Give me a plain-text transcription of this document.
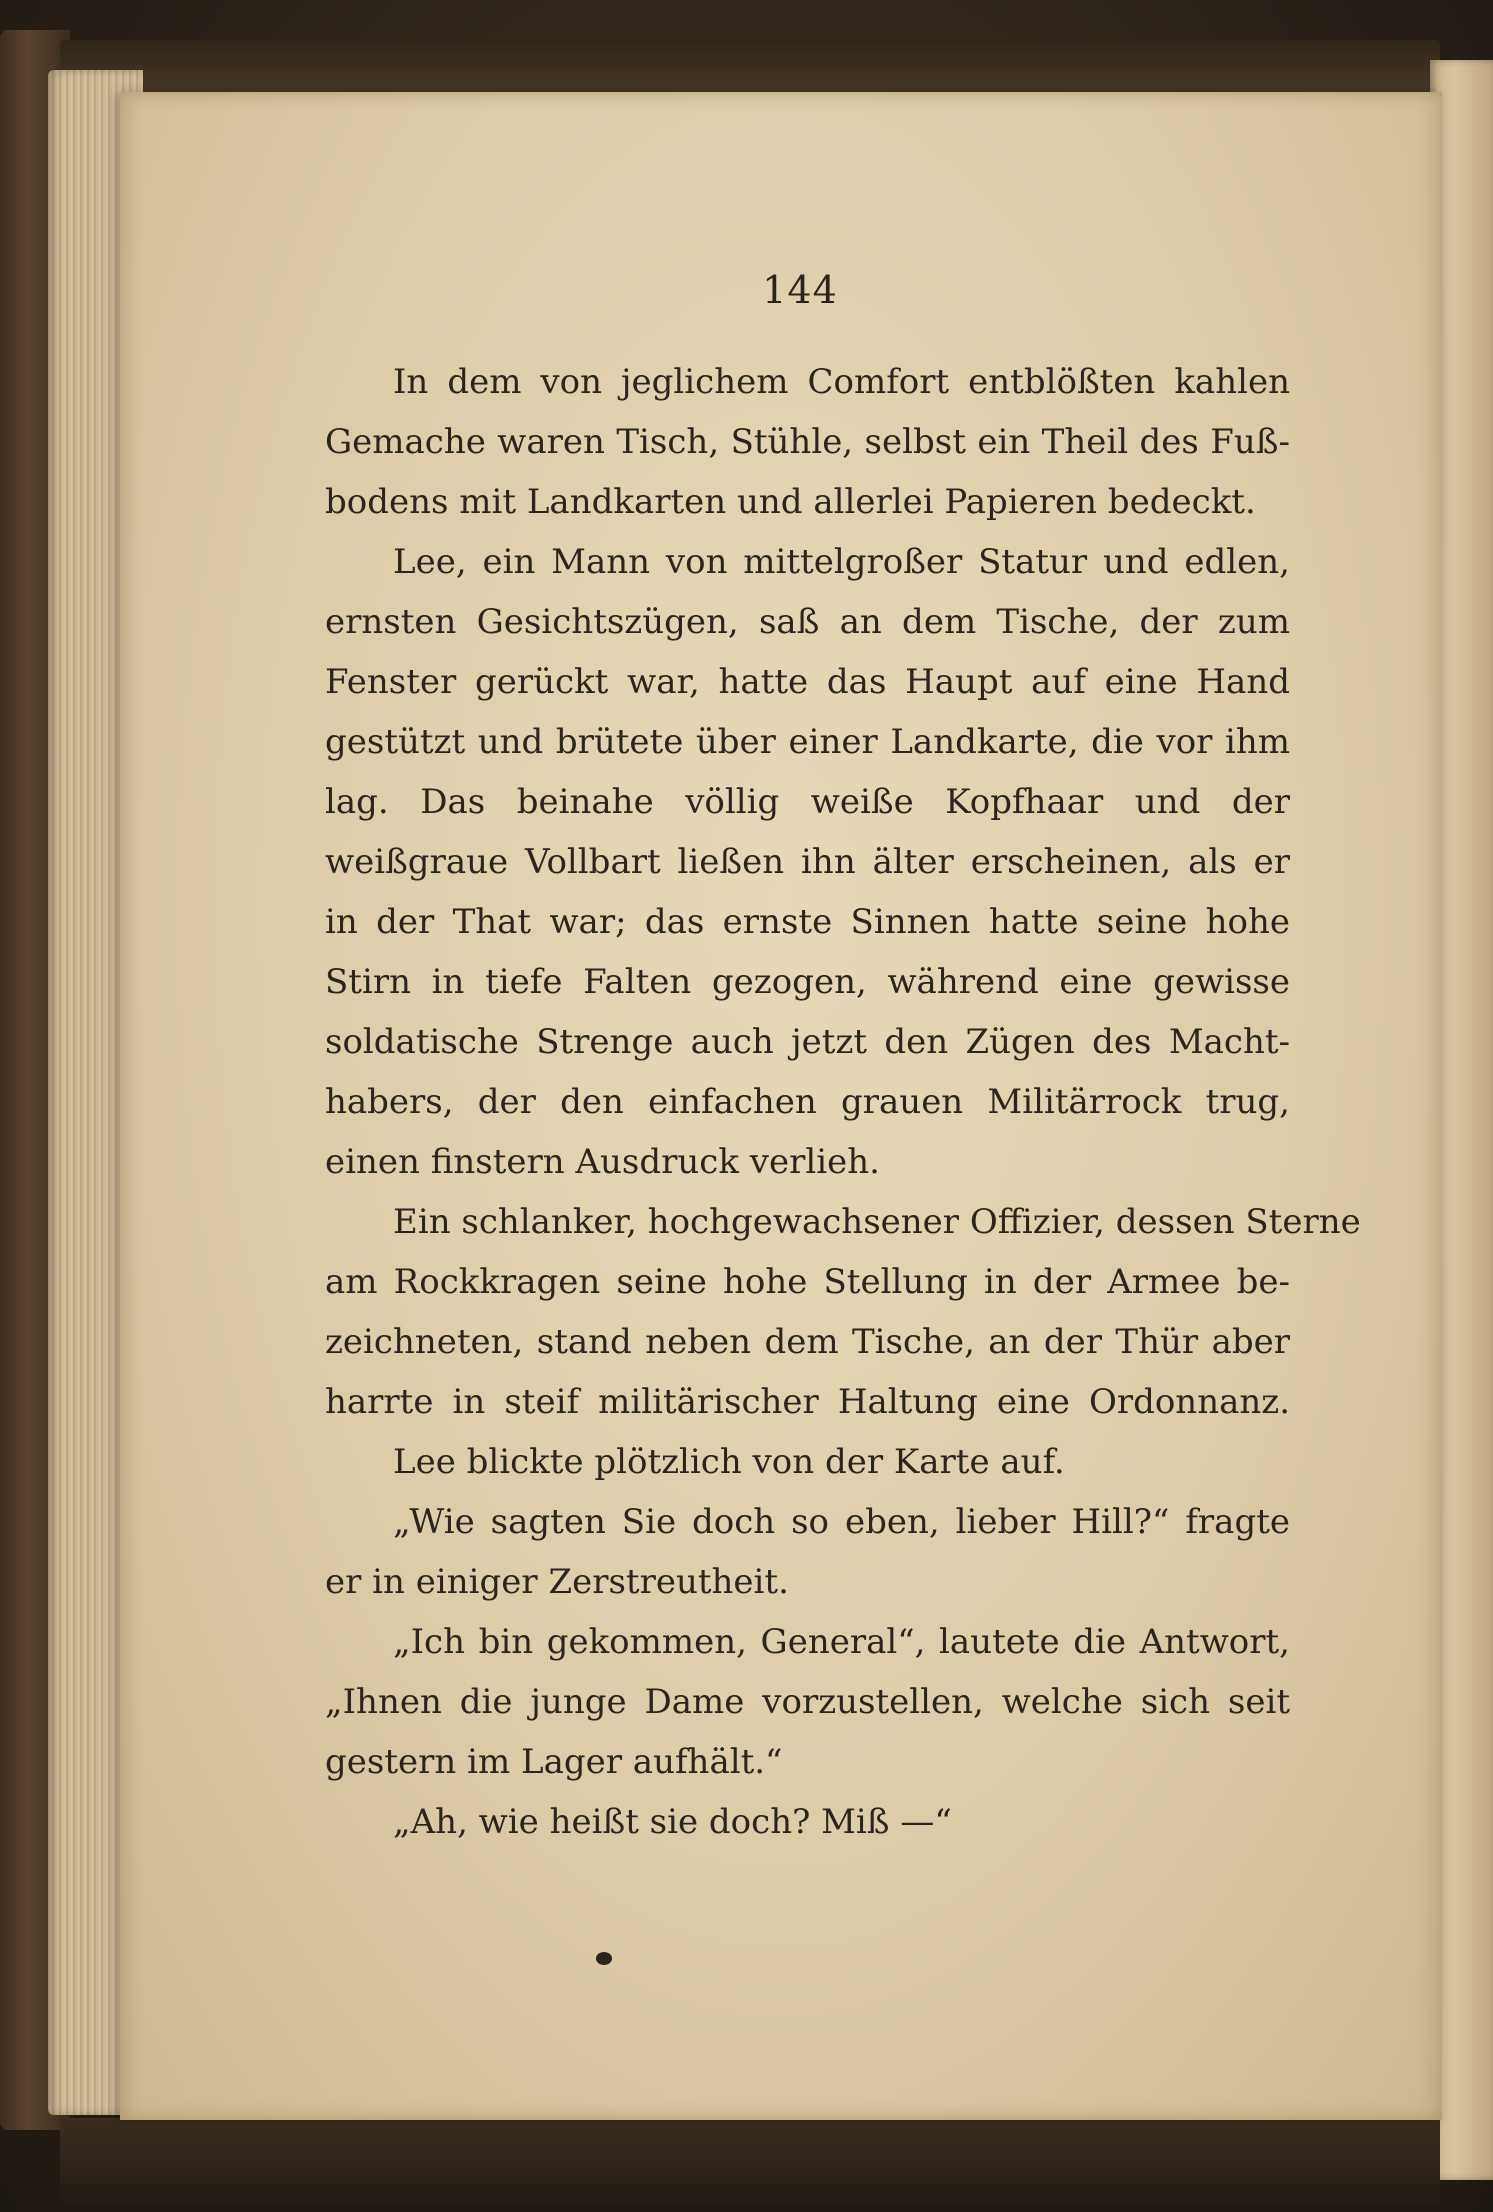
144
In dem von jeglichem Comfort entblößten kahlen
Gemache waren Tisch, Stühle, selbst ein Theil des Fuß-
bodens mit Landkarten und allerlei Papieren bedeckt.
Lee, ein Mann von mittelgroßer Statur und edlen,
ernsten Gesichtszügen, saß an dem Tische, der zum
Fenster gerückt war, hatte das Haupt auf eine Hand
gestützt und brütete über einer Landkarte, die vor ihm
lag. Das beinahe völlig weiße Kopfhaar und der
weißgraue Vollbart ließen ihn älter erscheinen, als er
in der That war; das ernste Sinnen hatte seine hohe
Stirn in tiefe Falten gezogen, während eine gewisse
soldatische Strenge auch jetzt den Zügen des Macht-
habers, der den einfachen grauen Militärrock trug,
einen finstern Ausdruck verlieh.
Ein schlanker, hochgewachsener Offizier, dessen Sterne
am Rockkragen seine hohe Stellung in der Armee be-
zeichneten, stand neben dem Tische, an der Thür aber
harrte in steif militärischer Haltung eine Ordonnanz.
Lee blickte plötzlich von der Karte auf.
„Wie sagten Sie doch so eben, lieber Hill?“ fragte
er in einiger Zerstreutheit.
„Ich bin gekommen, General“, lautete die Antwort,
„Ihnen die junge Dame vorzustellen, welche sich seit
gestern im Lager aufhält.“
„Ah, wie heißt sie doch? Miß —“
